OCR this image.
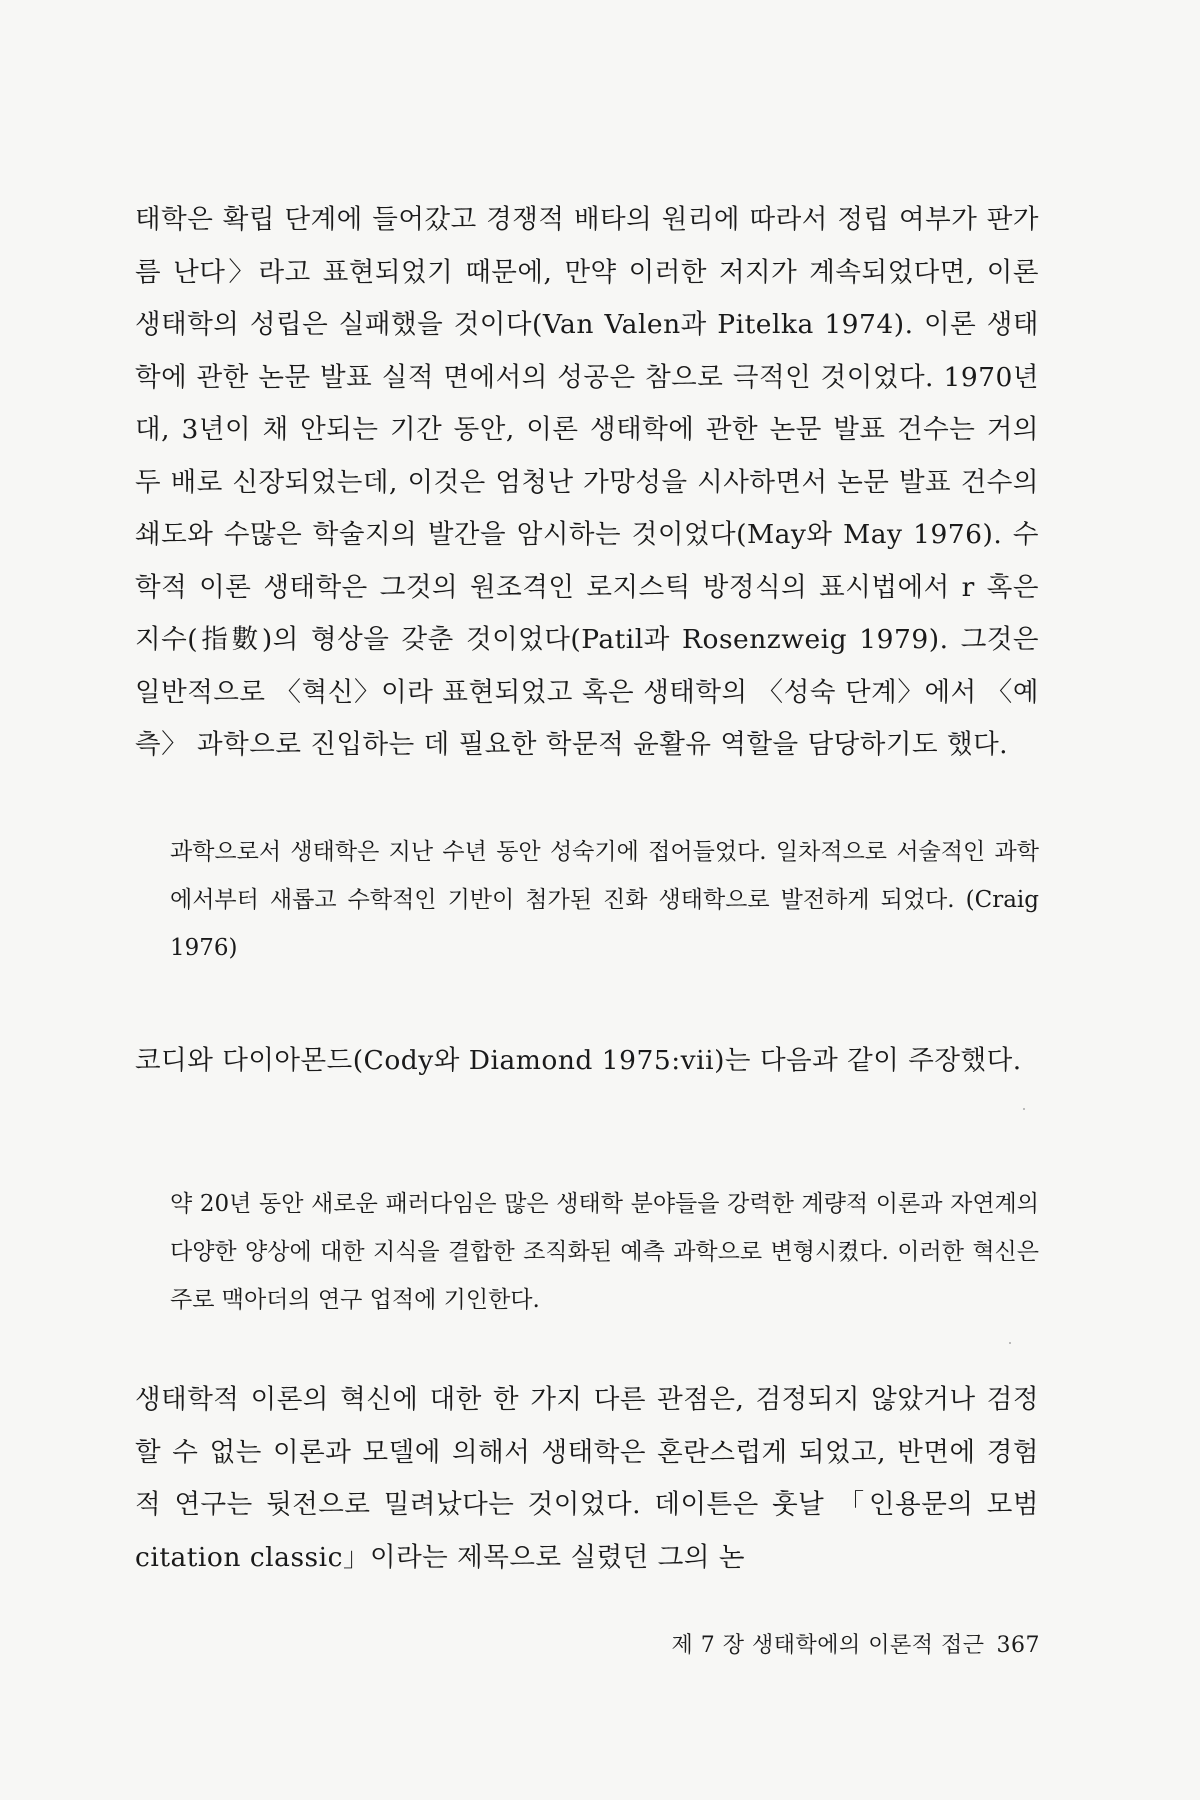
태학은 확립 단계에 들어갔고 경쟁적 배타의 원리에 따라서 정립 여부가 판가름 난다〉라고 표현되었기 때문에, 만약 이러한 저지가 계속되었다면, 이론 생태학의 성립은 실패했을 것이다(Van Valen과 Pitelka 1974). 이론 생태학에 관한 논문 발표 실적 면에서의 성공은 참으로 극적인 것이었다. 1970년대, 3년이 채 안되는 기간 동안, 이론 생태학에 관한 논문 발표 건수는 거의 두 배로 신장되었는데, 이것은 엄청난 가망성을 시사하면서 논문 발표 건수의 쇄도와 수많은 학술지의 발간을 암시하는 것이었다(May와 May 1976). 수학적 이론 생태학은 그것의 원조격인 로지스틱 방정식의 표시법에서 r 혹은 지수(指數)의 형상을 갖춘 것이었다(Patil과 Rosenzweig 1979). 그것은 일반적으로 〈혁신〉이라 표현되었고 혹은 생태학의 〈성숙 단계〉에서 〈예측〉 과학으로 진입하는 데 필요한 학문적 윤활유 역할을 담당하기도 했다.

과학으로서 생태학은 지난 수년 동안 성숙기에 접어들었다. 일차적으로 서술적인 과학에서부터 새롭고 수학적인 기반이 첨가된 진화 생태학으로 발전하게 되었다. (Craig 1976)

코디와 다이아몬드(Cody와 Diamond 1975:vii)는 다음과 같이 주장했다.

약 20년 동안 새로운 패러다임은 많은 생태학 분야들을 강력한 계량적 이론과 자연계의 다양한 양상에 대한 지식을 결합한 조직화된 예측 과학으로 변형시켰다. 이러한 혁신은 주로 맥아더의 연구 업적에 기인한다.

생태학적 이론의 혁신에 대한 한 가지 다른 관점은, 검정되지 않았거나 검정할 수 없는 이론과 모델에 의해서 생태학은 혼란스럽게 되었고, 반면에 경험적 연구는 뒷전으로 밀려났다는 것이었다. 데이튼은 훗날 「인용문의 모범 citation classic」이라는 제목으로 실렸던 그의 논

제 7 장 생태학에의 이론적 접근 367
